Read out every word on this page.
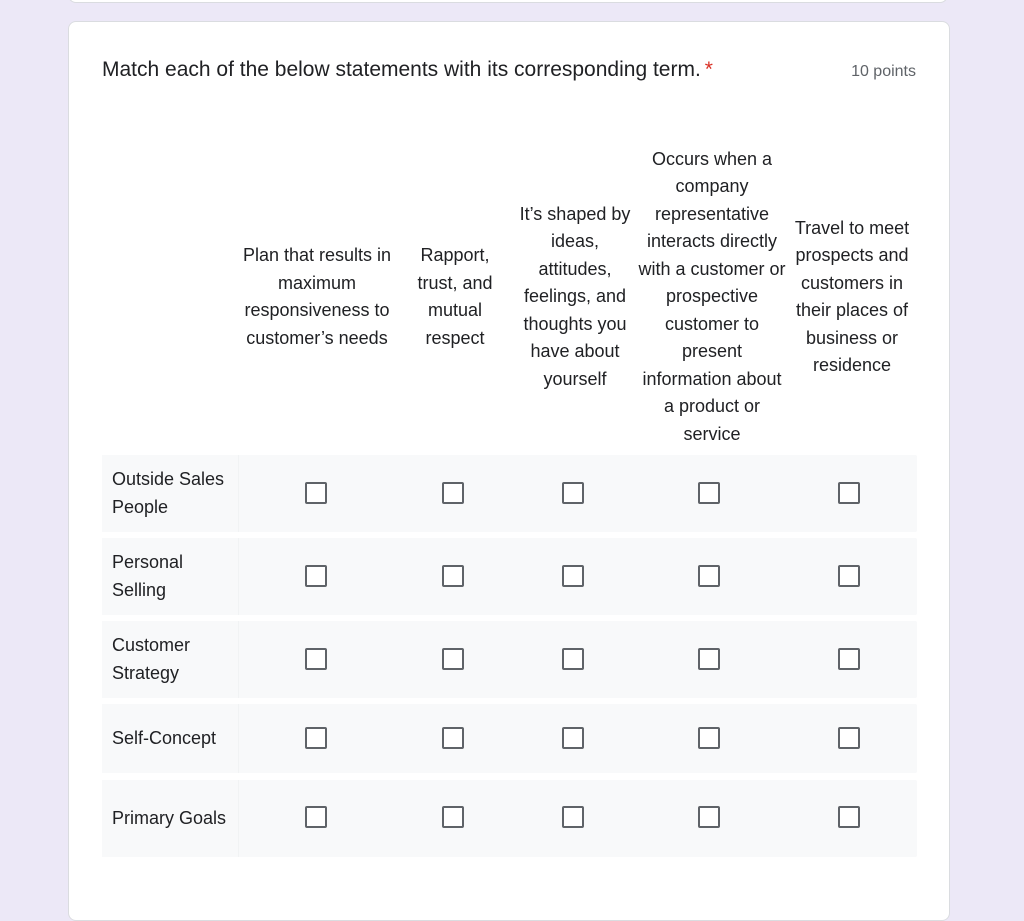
Match each of the below statements with its corresponding term. *	10 points
Plan that results in maximum responsiveness to customer’s needs
Rapport, trust, and mutual respect
It’s shaped by ideas, attitudes, feelings, and thoughts you have about yourself
Occurs when a company representative interacts directly with a customer or prospective customer to present information about a product or service
Travel to meet prospects and customers in their places of business or residence
Outside Sales People
Personal Selling
Customer Strategy
Self-Concept
Primary Goals
